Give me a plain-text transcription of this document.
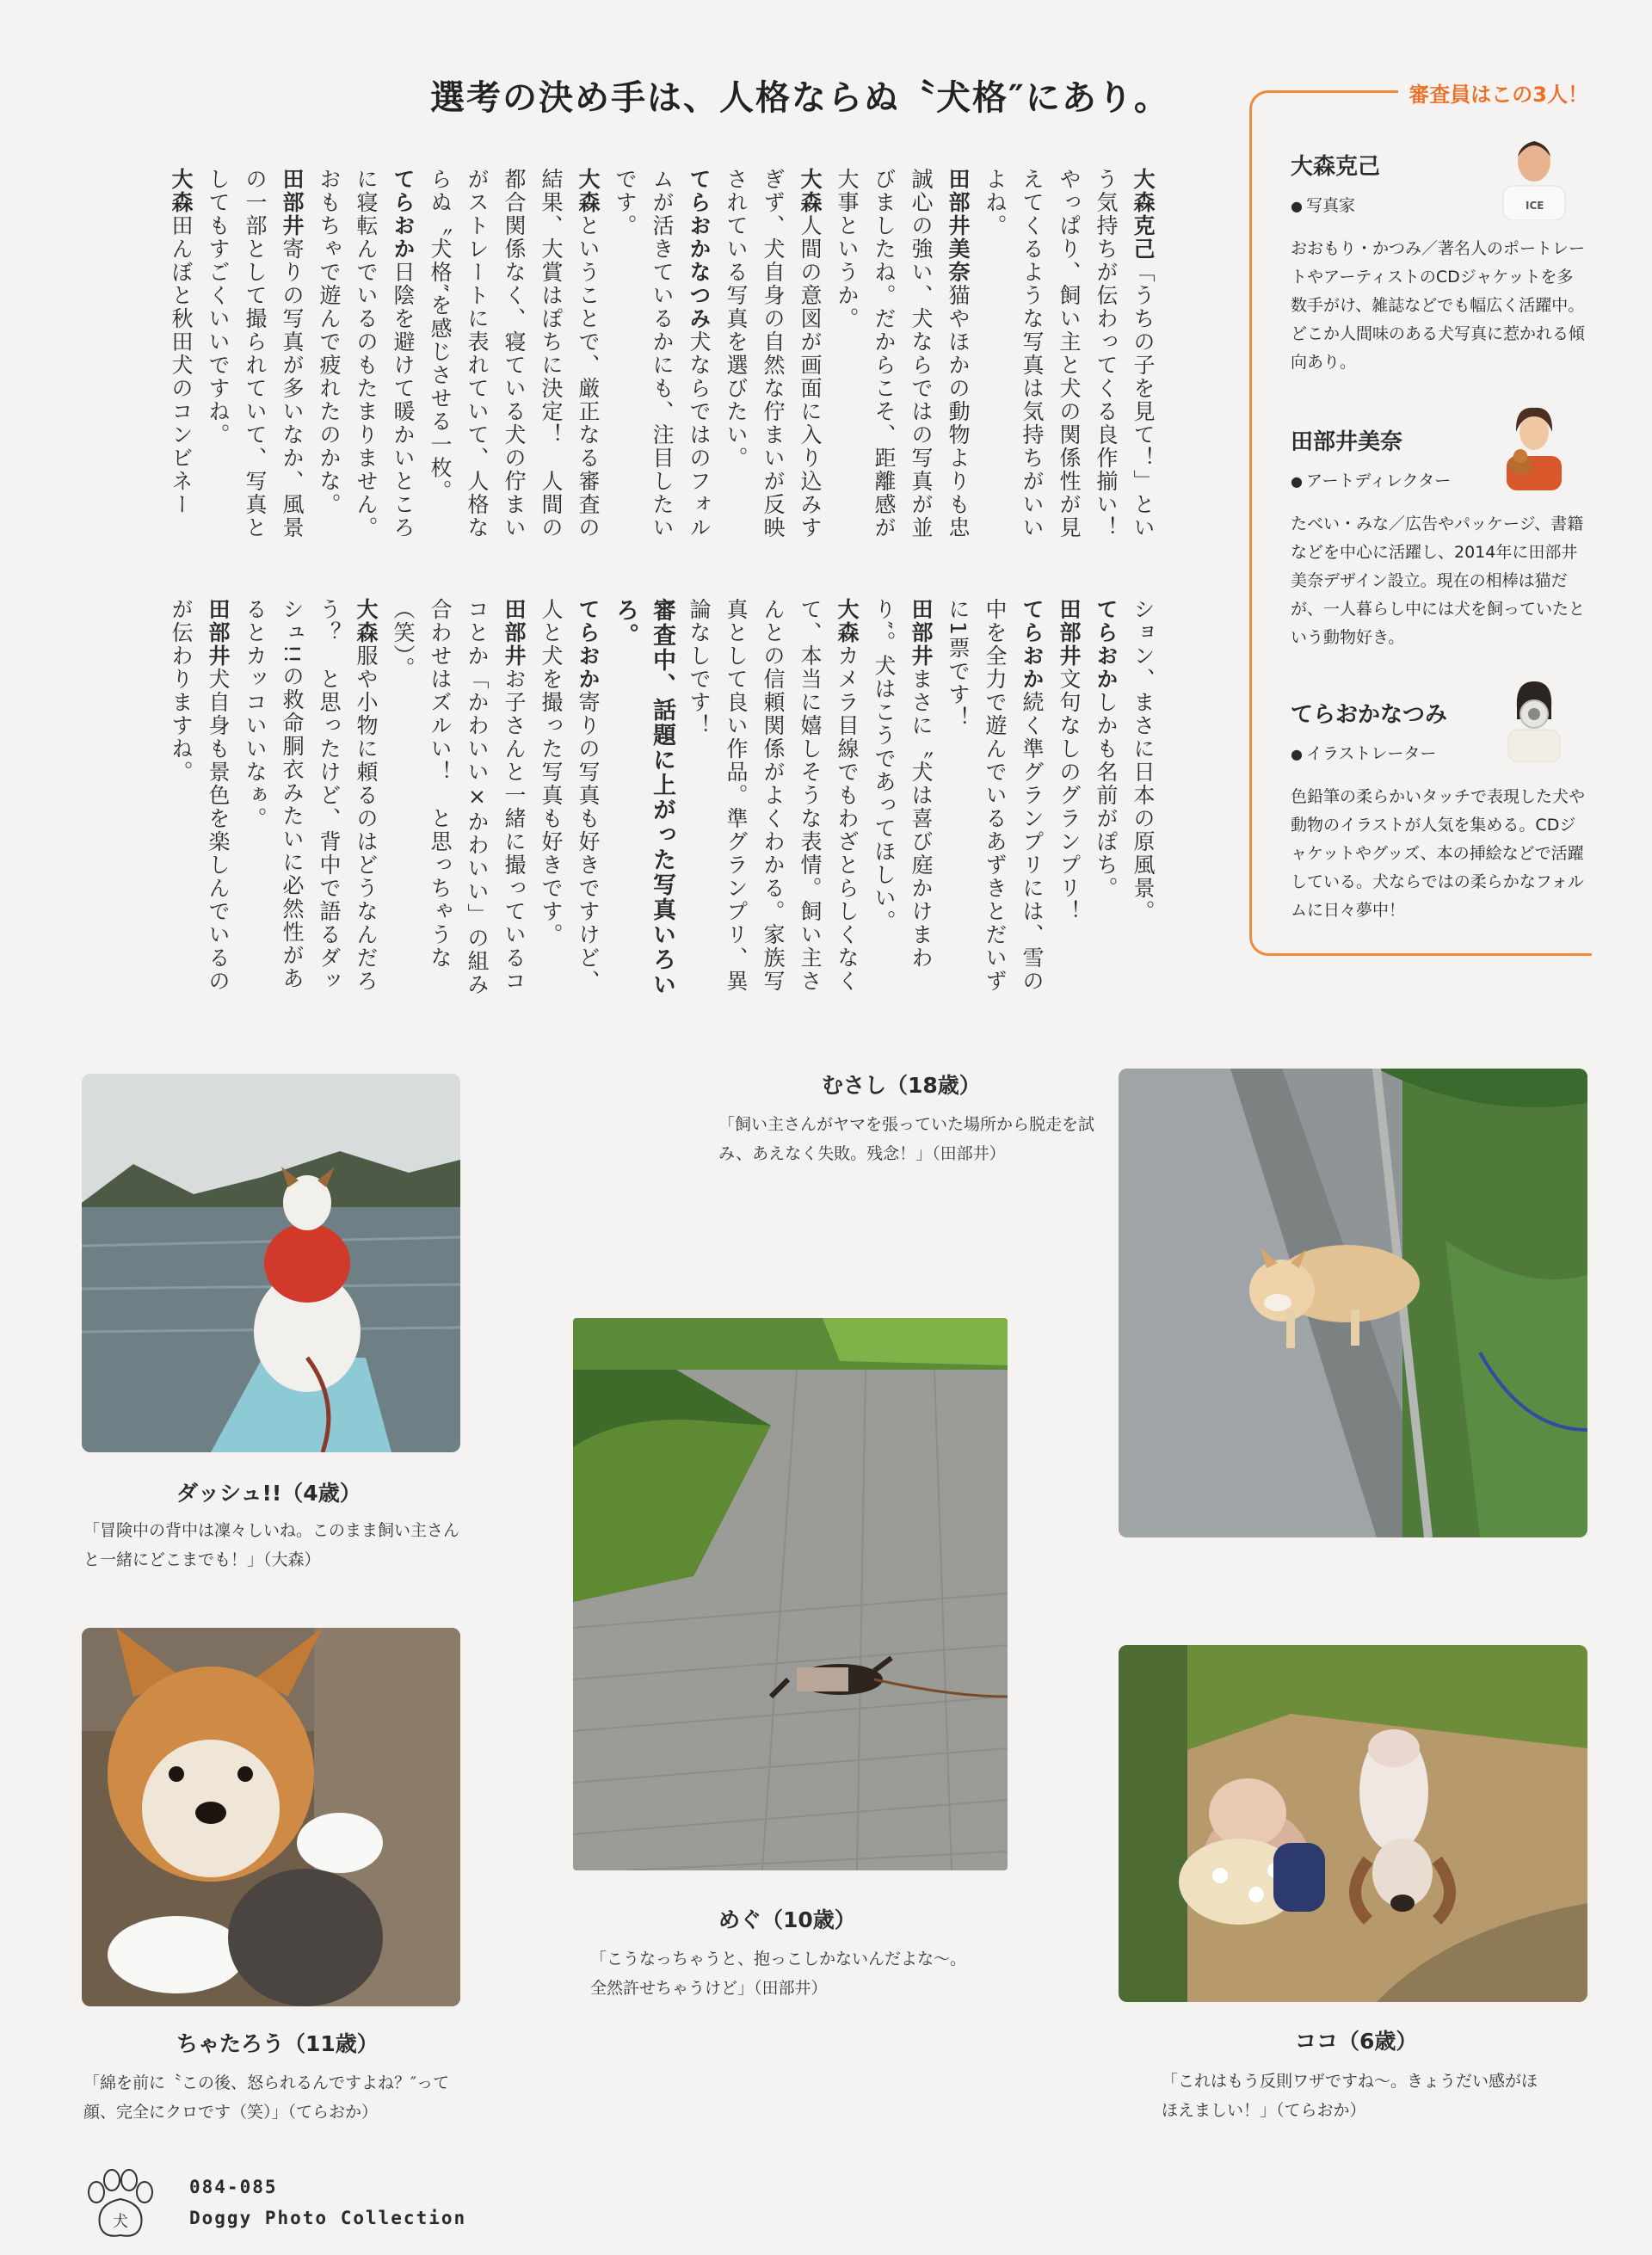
選考の決め手は、人格ならぬ〝犬格″にあり。
大森克己「うちの子を見て！」という気持ちが伝わってくる良作揃い！　やっぱり、飼い主と犬の関係性が見えてくるような写真は気持ちがいいよね。
田部井美奈猫やほかの動物よりも忠誠心の強い、犬ならではの写真が並びましたね。だからこそ、距離感が大事というか。
大森人間の意図が画面に入り込みすぎず、犬自身の自然な佇まいが反映されている写真を選びたい。
てらおかなつみ犬ならではのフォルムが活きているかにも、注目したいです。
大森ということで、厳正なる審査の結果、大賞はぽちに決定！　人間の都合関係なく、寝ている犬の佇まいがストレートに表れていて、人格ならぬ〝犬格″を感じさせる一枚。
てらおか日陰を避けて暖かいところに寝転んでいるのもたまりません。おもちゃで遊んで疲れたのかな。
田部井寄りの写真が多いなか、風景の一部として撮られていて、写真としてもすごくいいですね。
大森田んぼと秋田犬のコンビネー
ション、まさに日本の原風景。
てらおかしかも名前がぽち。
田部井文句なしのグランプリ！
てらおか続く準グランプリには、雪の中を全力で遊んでいるあずきとだいずに1票です！
田部井まさに〝犬は喜び庭かけまわり″。犬はこうであってほしい。
大森カメラ目線でもわざとらしくなくて、本当に嬉しそうな表情。飼い主さんとの信頼関係がよくわかる。家族写真として良い作品。準グランプリ、異論なしです！
審査中、話題に上がった写真いろいろ。
てらおか寄りの写真も好きですけど、人と犬を撮った写真も好きです。
田部井お子さんと一緒に撮っているココとか「かわいい×かわいい」の組み合わせはズルい！　と思っちゃうな（笑）。
大森服や小物に頼るのはどうなんだろう？　と思ったけど、背中で語るダッシュ!!の救命胴衣みたいに必然性があるとカッコいいなぁ。
田部井犬自身も景色を楽しんでいるのが伝わりますね。
審査員はこの3人！
大森克己
● 写真家
おおもり・かつみ／著名人のポートレートやアーティストのCDジャケットを多数手がけ、雑誌などでも幅広く活躍中。どこか人間味のある犬写真に惹かれる傾向あり。
ICE
田部井美奈
● アートディレクター
たべい・みな／広告やパッケージ、書籍などを中心に活躍し、2014年に田部井美奈デザイン設立。現在の相棒は猫だが、一人暮らし中には犬を飼っていたという動物好き。
てらおかなつみ
● イラストレーター
色鉛筆の柔らかいタッチで表現した犬や動物のイラストが人気を集める。CDジャケットやグッズ、本の挿絵などで活躍している。犬ならではの柔らかなフォルムに日々夢中！
ダッシュ!!（4歳）
「冒険中の背中は凜々しいね。このまま飼い主さんと一緒にどこまでも！」（大森）
むさし（18歳）
「飼い主さんがヤマを張っていた場所から脱走を試み、あえなく失敗。残念！」（田部井）
めぐ（10歳）
「こうなっちゃうと、抱っこしかないんだよな〜。全然許せちゃうけど」（田部井）
ちゃたろう（11歳）
「綿を前に〝この後、怒られるんですよね？″って顔、完全にクロです（笑）」（てらおか）
ココ（6歳）
「これはもう反則ワザですね〜。きょうだい感がほほえましい！」（てらおか）
犬
084-085
Doggy Photo Collection
